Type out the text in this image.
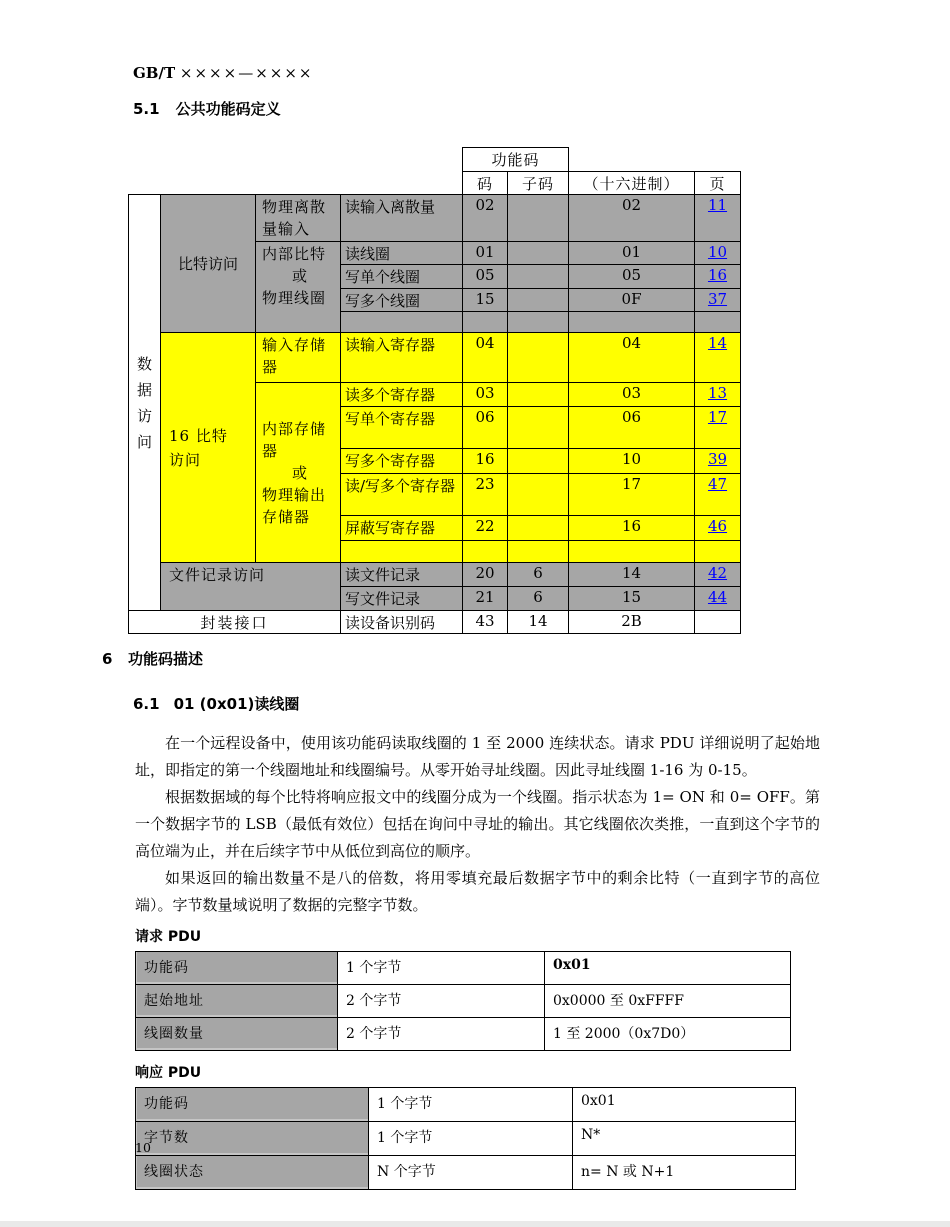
GB/T ××××—××××
5.1 公共功能码定义
				功能码			
				码	子码	（十六进制）	页

数据访问	比特访问	物理离散量输入	读输入离散量	02		02	11

		内部比特
或
物理线圈	读线圈	01		01	10
			写单个线圈	05		05	16
			写多个线圈	15		0F	37

	16 比特访问	输入存储器	读输入寄存器	04		04	14

		内部存储器
或
物理输出存储器	读多个寄存器	03		03	13
			写单个寄存器	06		06	17
			写多个寄存器	16		10	39
			读/写多个寄存器	23		17	47
			屏蔽写寄存器	22		16	46

	文件记录访问		读文件记录	20	6	14	42
			写文件记录	21	6	15	44
封装接口			读设备识别码	43	14	2B	
6 功能码描述
6.1 01 (0x01)读线圈

在一个远程设备中，使用该功能码读取线圈的 1 至 2000 连续状态。请求 PDU 详细说明了起始地址，即指定的第一个线圈地址和线圈编号。从零开始寻址线圈。因此寻址线圈 1-16 为 0-15。

根据数据域的每个比特将响应报文中的线圈分成为一个线圈。指示状态为 1= ON 和 0= OFF。第一个数据字节的 LSB（最低有效位）包括在询问中寻址的输出。其它线圈依次类推，一直到这个字节的高位端为止，并在后续字节中从低位到高位的顺序。

如果返回的输出数量不是八的倍数，将用零填充最后数据字节中的剩余比特（一直到字节的高位端）。字节数量域说明了数据的完整字节数。

请求 PDU
功能码	1 个字节	0x01
起始地址	2 个字节	0x0000 至 0xFFFF
线圈数量	2 个字节	1 至 2000（0x7D0）
响应 PDU
功能码	1 个字节	0x01
字节数	1 个字节	N*
线圈状态	N 个字节	n= N 或 N+1
10
